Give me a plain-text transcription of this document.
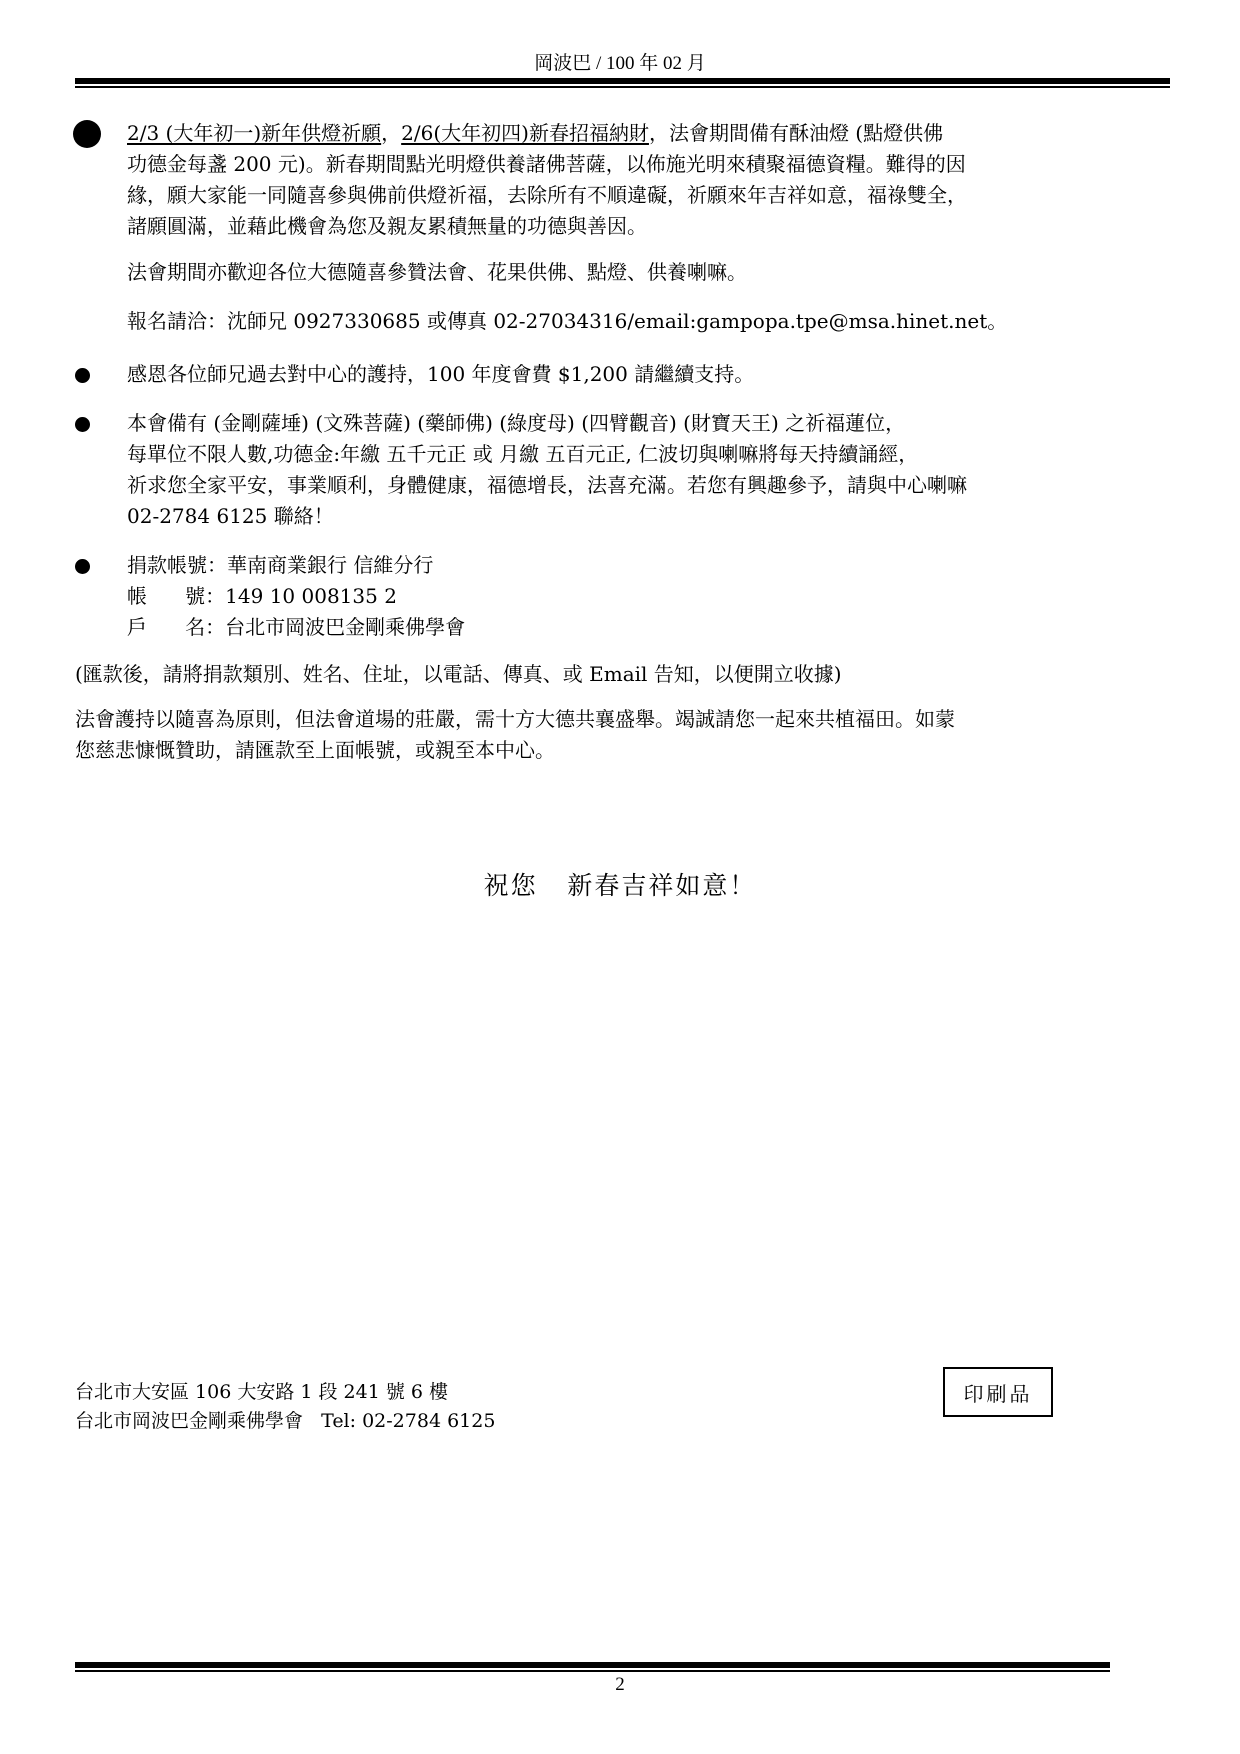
岡波巴 / 100 年 02 月

2/3 (大年初一)新年供燈祈願，2/6(大年初四)新春招福納財，法會期間備有酥油燈 (點燈供佛
功德金每盞 200 元)。新春期間點光明燈供養諸佛菩薩，以佈施光明來積聚福德資糧。難得的因
緣，願大家能一同隨喜參與佛前供燈祈福，去除所有不順違礙，祈願來年吉祥如意，福祿雙全，
諸願圓滿，並藉此機會為您及親友累積無量的功德與善因。

法會期間亦歡迎各位大德隨喜參贊法會、花果供佛、點燈、供養喇嘛。

報名請洽：沈師兄 0927330685 或傳真 02-27034316/email:gampopa.tpe@msa.hinet.net。

感恩各位師兄過去對中心的護持，100 年度會費 $1,200 請繼續支持。

本會備有 (金剛薩埵) (文殊菩薩) (藥師佛) (綠度母) (四臂觀音) (財寶天王) 之祈福蓮位，
每單位不限人數,功德金:年繳 五千元正 或 月繳 五百元正, 仁波切與喇嘛將每天持續誦經，
祈求您全家平安，事業順利，身體健康，福德增長，法喜充滿。若您有興趣參予，請與中心喇嘛
02-2784 6125 聯絡！

捐款帳號： 華南商業銀行 信維分行
帳      號： 149 10 008135 2
戶      名： 台北市岡波巴金剛乘佛學會

(匯款後，請將捐款類別、姓名、住址，以電話、傳真、或 Email 告知，以便開立收據)

法會護持以隨喜為原則，但法會道場的莊嚴，需十方大德共襄盛舉。竭誠請您一起來共植福田。如蒙
您慈悲慷慨贊助，請匯款至上面帳號，或親至本中心。

祝您   新春吉祥如意！
台北市大安區 106 大安路 1 段 241 號 6 樓
台北市岡波巴金剛乘佛學會   Tel: 02-2784 6125
印刷品
2
